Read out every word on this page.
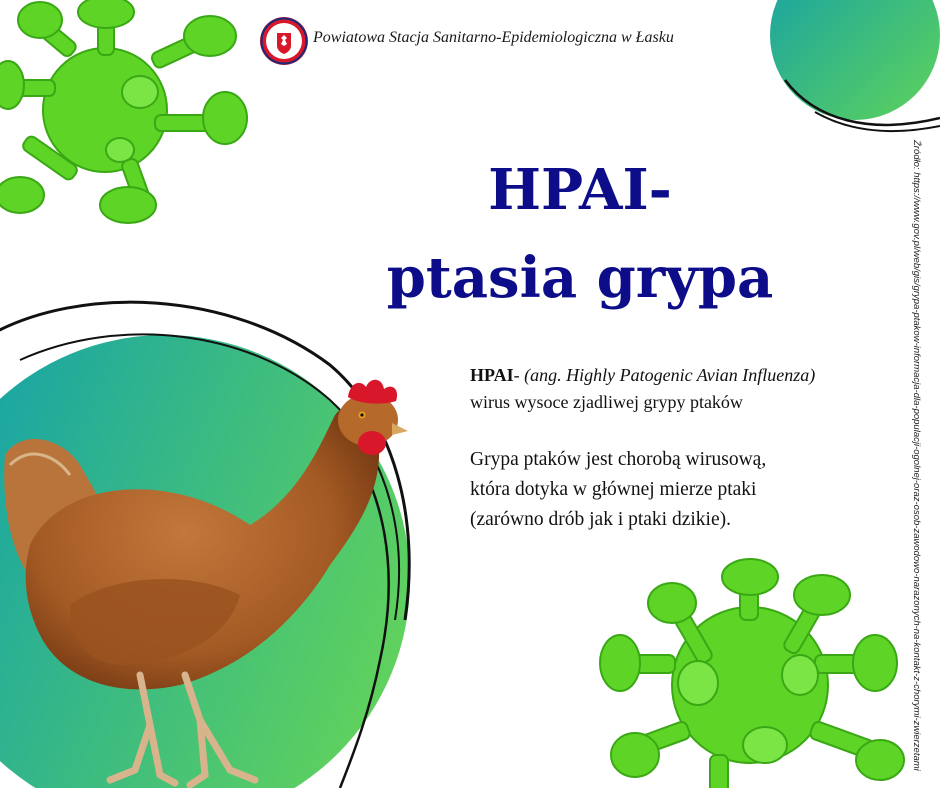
Powiatowa Stacja Sanitarno-Epidemiologiczna w Łasku
HPAI-
ptasia grypa
HPAI- (ang. Highly Patogenic Avian Influenza)
wirus wysoce zjadliwej grypy ptaków
Grypa ptaków jest chorobą wirusową,
która dotyka w głównej mierze ptaki
(zarówno drób jak i ptaki dzikie).	Źródło: https://www.gov.pl/web/gis/grypa-ptakow-informacja-dla-populacji-ogolnej-oraz-osob-zawodowo-narazonych-na-kontakt-z-chorymi-zwierzetami
